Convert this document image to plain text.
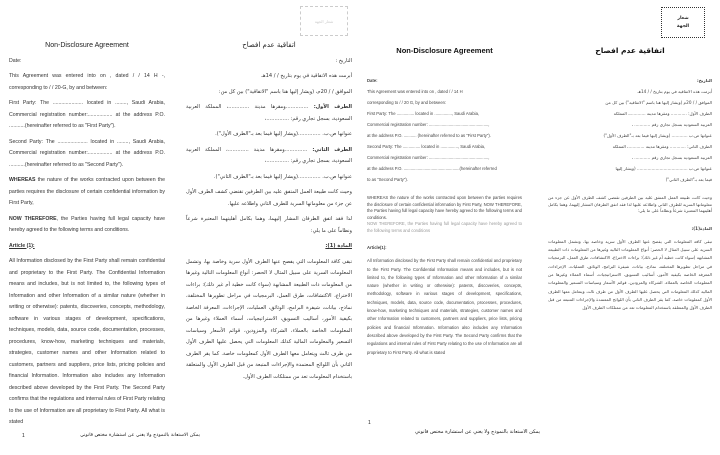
شعار الجهة

Non-Disclosure Agreement

Date:

This Agreement was entered into on , dated / / 14 H -, corresponding to / / 20-G, by and between:

First Party: The ..................... located in ........, Saudi Arabia, Commercial registration number:................. at the address P.O. ...........(hereinafter referred to as "First Party").

Second Party: The ..................... located in ........, Saudi Arabia, Commercial registration number:................. at the address P.O. ...........(hereinafter referred to as "Second Party").

WHEREAS the nature of the works contracted upon between the parties requires the disclosure of certain confidential information by First Party,

NOW THEREFORE, the Parties having full legal capacity have hereby agreed to the following terms and conditions.

Article (1):

All Information disclosed by the First Party shall remain confidential and proprietary to the First Party. The Confidential Information means and includes, but is not limited to, the following types of Information and other Information of a similar nature (whether in writing or otherwise): patents, discoveries, concepts, methodology, software in various stages of development, specifications, techniques, models, data, source code, documentation, processes, procedures, know-how, marketing techniques and materials, strategies, customer names and other Information related to customers, partners and suppliers, price lists, pricing policies and financial Information. Information also includes any Information described above developed by the First Party. The Second Party confirms that the regulations and internal rules of First Party relating to the use of Information are all proprietary to First Party. All what is stated

اتفاقية عدم افصاح

التاريخ :

أبرمت هذه الاتفاقية في يوم بتاريخ / / 14هـ

الموافق / / 20م، (ويشار إليها هنا باسم "الاتفاقية") بين كل من:

الطرف الأول: ..............ومقرها مدينة .............، المملكة العربية السعودية، بسجل تجاري رقم: ..............،

عنوانها ص.ب. ..............(ويشار إليها فيما بعد بـ"الطرف الأول").

الطرف الثاني: ..............ومقرها مدينة .............، المملكة العربية السعودية، بسجل تجاري رقم: ..............،

عنوانها ص.ب. ..............(ويشار إليها فيما بعد بـ"الطرف الثاني").

وحيث كانت طبيعة العمل المتفق عليه بين الطرفين تقتضي كشف الطرف الأول عن جزء من معلوماتها السرية للطرف الثاني واطلاعه عليها.

لذا فقد اتفق الطرفان المشار إليهما، وهما بكامل أهليتهما المعتبرة شرعاً ونظاماً على ما يلي:

المادة (1):

تبقى كافة المعلومات التي يفصح عنها الطرف الأول سرية وخاصة بها، وتشمل المعلومات السرية على سبيل المثال لا الحصر: أنواع المعلومات التالية وغيرها من المعلومات ذات الطبيعة المشابهة (سواء كانت خطية أم غير ذلك): براءات الاختراع، الاكتشافات، طرق العمل، البرمجيات في مراحل تطويرها المختلفة، نماذج، بيانات، شيفرة البرامج، الوثائق، العمليات، الإجراءات، المعرفة الخاصة بكيفية الأمور، أساليب التسويق، الاستراتيجيات، أسماء العملاء وغيرها من المعلومات الخاصة بالعملاء، الشركاء والمزودين، قوائم الأسعار وسياسات التسعير والمعلومات المالية كذلك المعلومات التي يحصل عليها الطرف الأول من طرف ثالث ويتعامل معها الطرف الأول كمعلومات خاصة. كما يقر الطرف الثاني بأن اللوائح المعتمدة والإجراءات المتبعة من قبل الطرف الأول والمتعلقة باستخدام المعلومات تعد من ممتلكات الطرف الأول.

1	يمكن الاستعانة بالنموذج ولا يغني عن استشارة مختص قانوني
شعار
الجهة

Non-Disclosure Agreement

Date:

This Agreement was entered into on , dated / / 14 H

corresponding to / / 20 G, by and between:

First Party: The ............... located in ..............., Saudi Arabia,

Commercial registration number: ...................................................,

at the address P.O. ........... (hereinafter referred to as "First Party").

Second Party: The ............... located in ..............., Saudi Arabia,

Commercial registration number: ...................................................,

at the address P.O. ................................................(hereinafter referred

to as "Second Party").

WHEREAS the nature of the works contracted upon between the parties requires the disclosure of certain confidential information by First Party, NOW THEREFORE, the Parties having full legal capacity have hereby agreed to the following terms and conditions.

NOW THEREFORE, the Parties having full legal capacity have hereby agreed to the following terms and conditions

Article(1):

All Information disclosed by the First Party shall remain confidential and proprietary to the First Party. The Confidential Information means and includes, but is not limited to, the following types of Information and other Information of a similar nature (whether in writing or otherwise): patents, discoveries, concepts, methodology, software in various stages of development, specifications, techniques, models, data, source code, documentation, processes, procedures, know-how, marketing techniques and materials, strategies, customer names and other Information related to customers, partners and suppliers, price lists, pricing policies and financial Information. Information also includes any Information described above developed by the First Party. The Second Party confirms that the regulations and internal rules of First Party relating to the use of Information are all proprietary to First Party. All what is stated

اتفاقية عدم افصاح

التاريخ:

أبرمت هذه الاتفاقية في يوم بتاريخ / / 14هـ

الموافق / / 20م (ويشار إليها هنا باسم "الاتفاقية") بين كل من

الطرف الأول: ............ ومقرها مدينة ............، المملكة

العربية السعودية بسجل تجاري رقم ............ ،

عنوانها ص.ب ............ (ويشار إليها فيما بعد بـ"الطرف الأول")

الطرف الثاني: ............ ومقرها مدينة ............، المملكة

العربية السعودية بسجل تجاري رقم ............ ،

عنوانها ص.ب ...................................... (ويشار إليها

فيما بعد بـ"الطرف الثاني")

وحيث كانت طبيعة العمل المتفق عليه بين الطرفين تقتضي كشف الطرف الأول عن جزء من معلوماتها السرية للطرف الثاني واطلاعه عليها لذا فقد اتفق الطرفان المشار إليهما، وهما بكامل أهليتهما المعتبرة شرعاً ونظاماً على ما يلي:

المادة(1):

تبقى كافة المعلومات التي يفصح عنها الطرف الأول سرية وخاصة بها، وتشمل المعلومات السرية على سبيل المثال لا الحصر: أنواع المعلومات التالية وغيرها من المعلومات ذات الطبيعة المشابهة (سواء كانت خطية أم غير ذلك): براءات الاختراع، الاكتشافات، طرق العمل، البرمجيات في مراحل تطويرها المختلفة، نماذج، بيانات، شيفرة البرامج، الوثائق، العمليات، الإجراءات، المعرفة الخاصة بكيفية الأمور، أساليب التسويق، الاستراتيجيات، أسماء العملاء وغيرها من المعلومات الخاصة بالعملاء، الشركاء والمزودين، قوائم الأسعار وسياسات التسعير والمعلومات المالية كذلك المعلومات التي يحصل عليها الطرف الأول من طرف ثالث ويتعامل معها الطرف الأول كمعلومات خاصة. كما يقر الطرف الثاني بأن اللوائح المعتمدة والإجراءات المتبعة من قبل الطرف الأول والمتعلقة باستخدام المعلومات تعد من ممتلكات الطرف الأول

1
يمكن الاستعانة بالنموذج ولا يغني عن استشارة مختص قانوني
